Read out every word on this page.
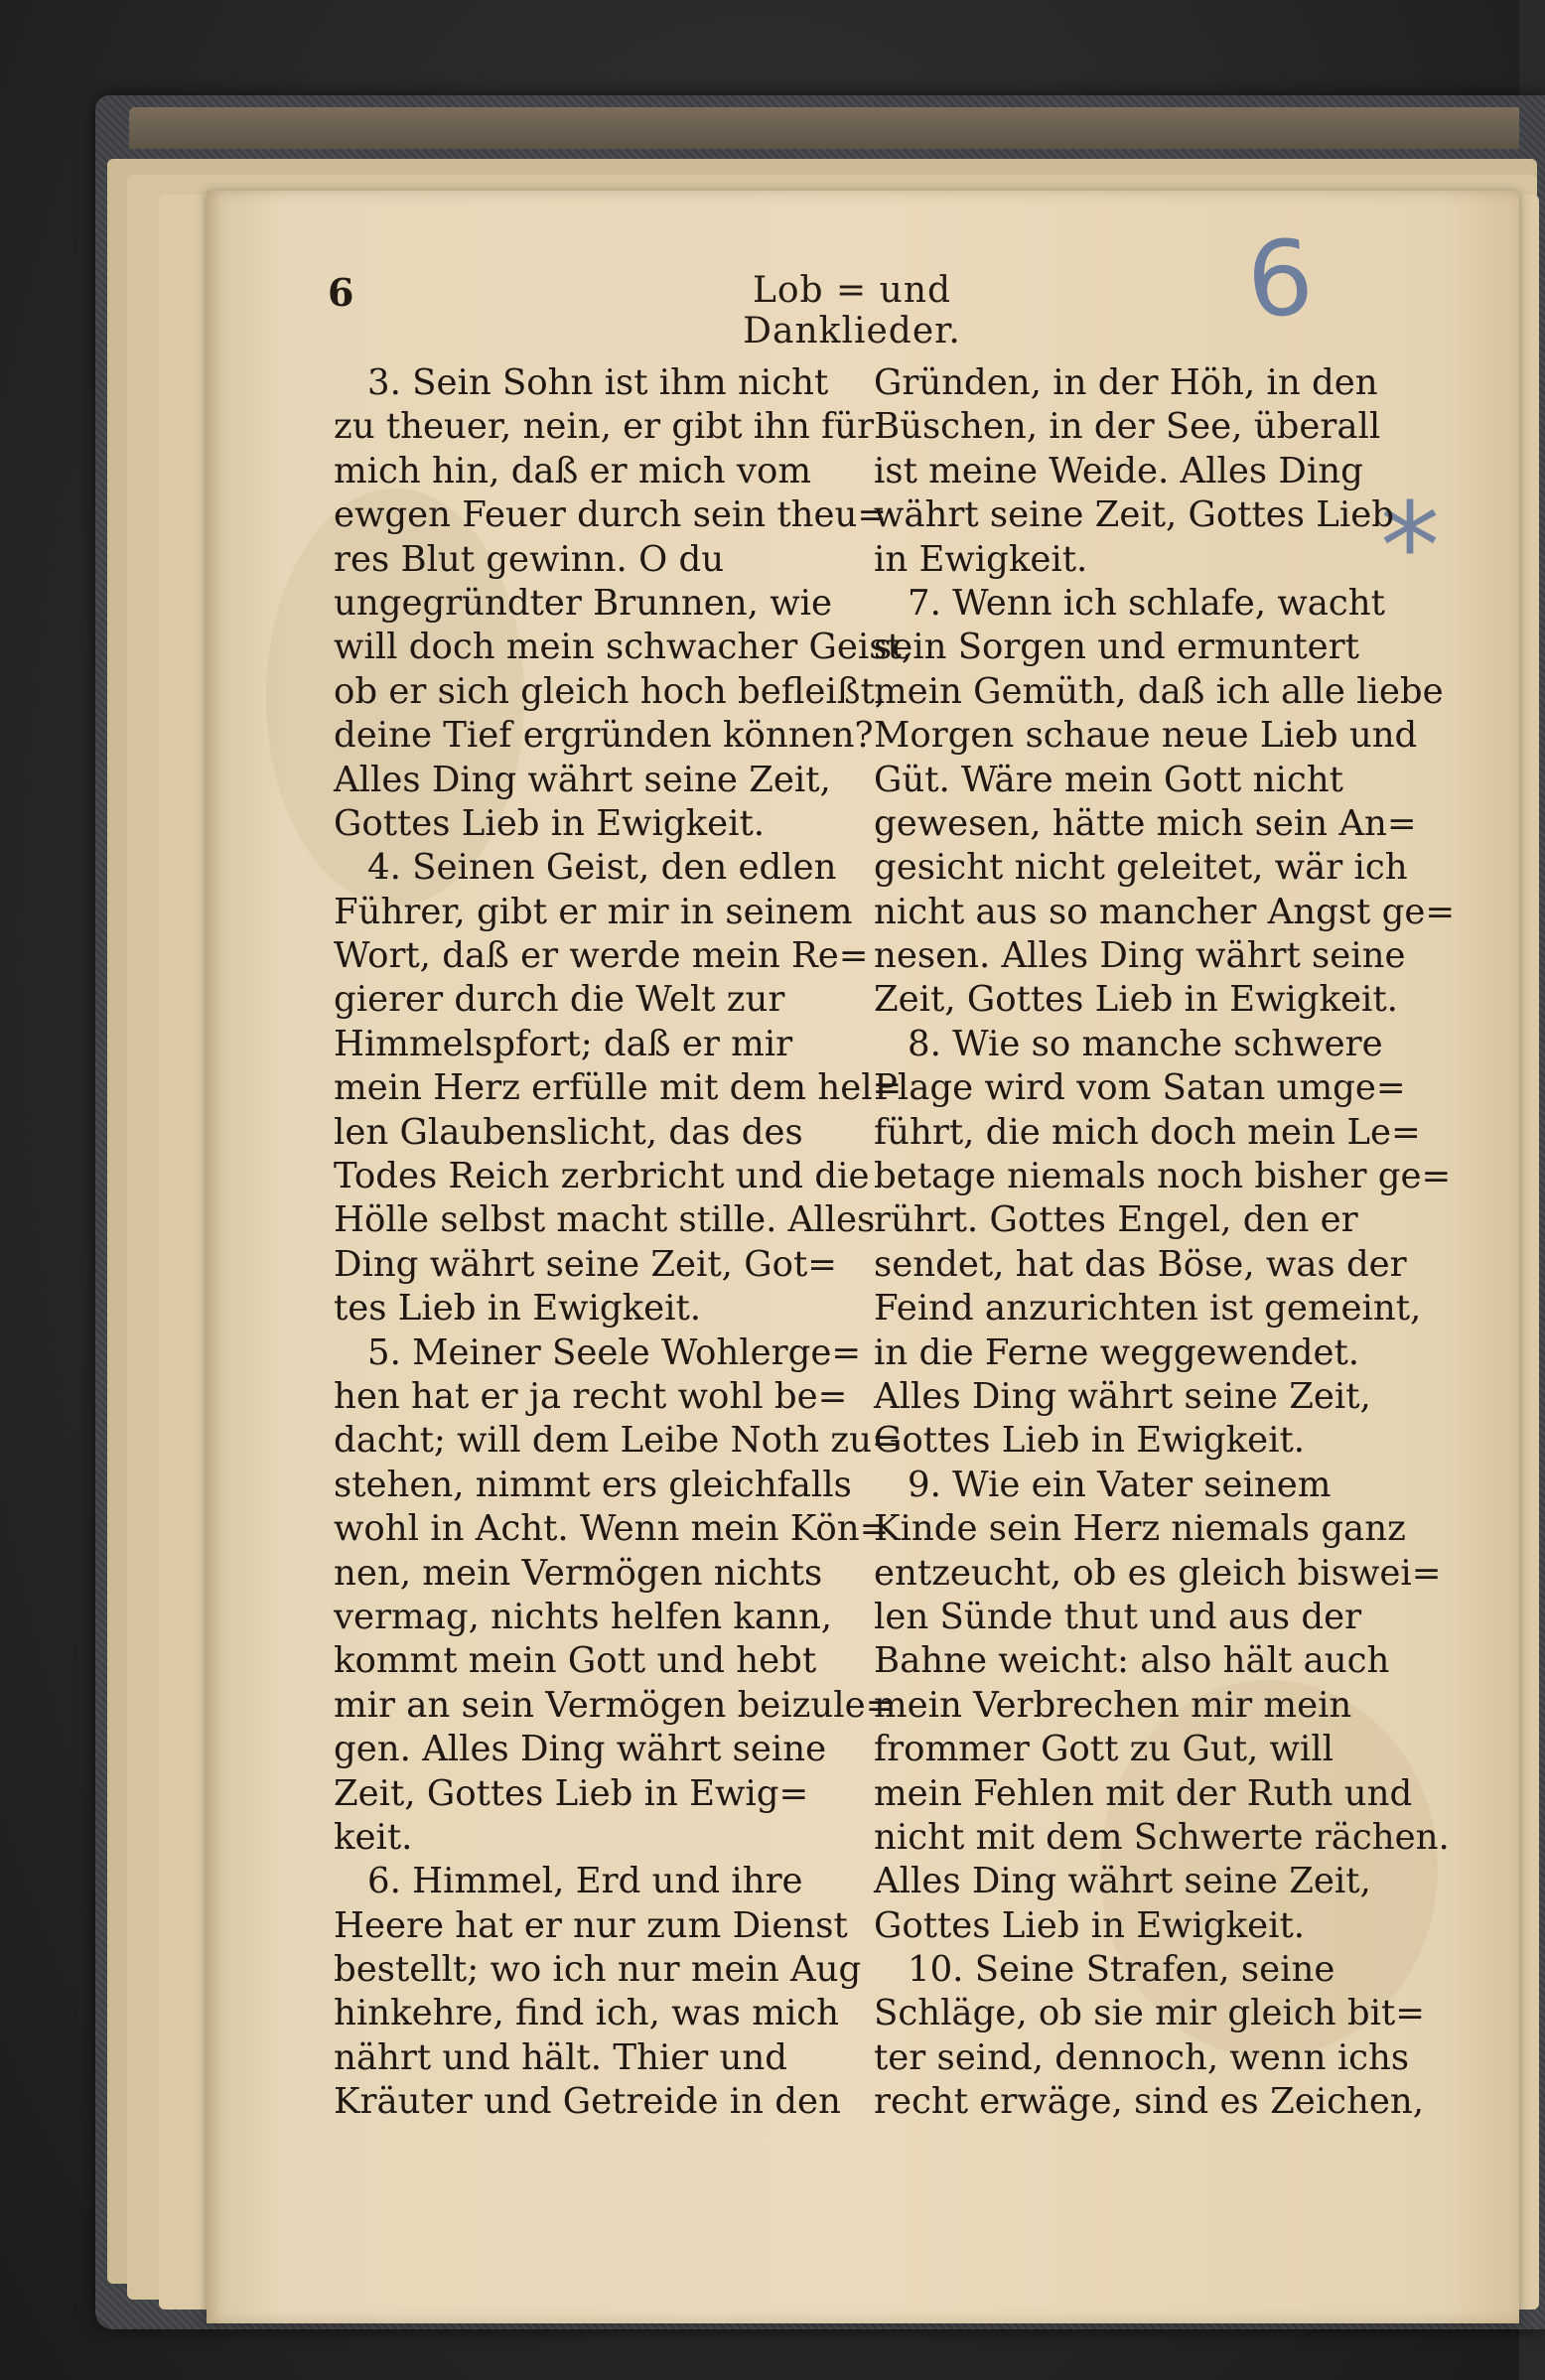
6	Lob = und Danklieder.	6
*
3. Sein Sohn ist ihm nicht
zu theuer, nein, er gibt ihn für
mich hin, daß er mich vom
ewgen Feuer durch sein theu=
res Blut gewinn. O du
ungegründter Brunnen, wie
will doch mein schwacher Geist,
ob er sich gleich hoch befleißt,
deine Tief ergründen können?
Alles Ding währt seine Zeit,
Gottes Lieb in Ewigkeit.
4. Seinen Geist, den edlen
Führer, gibt er mir in seinem
Wort, daß er werde mein Re=
gierer durch die Welt zur
Himmelspfort; daß er mir
mein Herz erfülle mit dem hel=
len Glaubenslicht, das des
Todes Reich zerbricht und die
Hölle selbst macht stille. Alles
Ding währt seine Zeit, Got=
tes Lieb in Ewigkeit.
5. Meiner Seele Wohlerge=
hen hat er ja recht wohl be=
dacht; will dem Leibe Noth zu=
stehen, nimmt ers gleichfalls
wohl in Acht. Wenn mein Kön=
nen, mein Vermögen nichts
vermag, nichts helfen kann,
kommt mein Gott und hebt
mir an sein Vermögen beizule=
gen. Alles Ding währt seine
Zeit, Gottes Lieb in Ewig=
keit.
6. Himmel, Erd und ihre
Heere hat er nur zum Dienst
bestellt; wo ich nur mein Aug
hinkehre, find ich, was mich
nährt und hält. Thier und
Kräuter und Getreide in den
Gründen, in der Höh, in den
Büschen, in der See, überall
ist meine Weide. Alles Ding
währt seine Zeit, Gottes Lieb
in Ewigkeit.
7. Wenn ich schlafe, wacht
sein Sorgen und ermuntert
mein Gemüth, daß ich alle liebe
Morgen schaue neue Lieb und
Güt. Wäre mein Gott nicht
gewesen, hätte mich sein An=
gesicht nicht geleitet, wär ich
nicht aus so mancher Angst ge=
nesen. Alles Ding währt seine
Zeit, Gottes Lieb in Ewigkeit.
8. Wie so manche schwere
Plage wird vom Satan umge=
führt, die mich doch mein Le=
betage niemals noch bisher ge=
rührt. Gottes Engel, den er
sendet, hat das Böse, was der
Feind anzurichten ist gemeint,
in die Ferne weggewendet.
Alles Ding währt seine Zeit,
Gottes Lieb in Ewigkeit.
9. Wie ein Vater seinem
Kinde sein Herz niemals ganz
entzeucht, ob es gleich biswei=
len Sünde thut und aus der
Bahne weicht: also hält auch
mein Verbrechen mir mein
frommer Gott zu Gut, will
mein Fehlen mit der Ruth und
nicht mit dem Schwerte rächen.
Alles Ding währt seine Zeit,
Gottes Lieb in Ewigkeit.
10. Seine Strafen, seine
Schläge, ob sie mir gleich bit=
ter seind, dennoch, wenn ichs
recht erwäge, sind es Zeichen,
